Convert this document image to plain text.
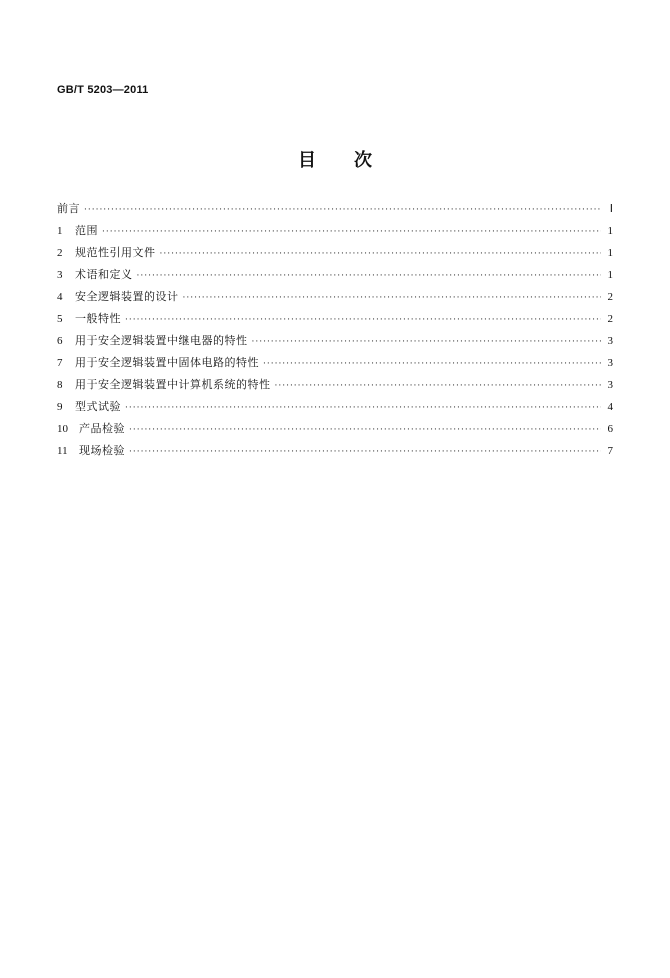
GB/T 5203—2011
目 次
前言 ·····	Ⅰ
1	范围 ·····	1
2	规范性引用文件 ·····	1
3	术语和定义 ·····	1
4	安全逻辑装置的设计 ·····	2
5	一般特性 ·····	2
6	用于安全逻辑装置中继电器的特性 ·····	3
7	用于安全逻辑装置中固体电路的特性 ·····	3
8	用于安全逻辑装置中计算机系统的特性 ·····	3
9	型式试验 ·····	4
10	产品检验 ·····	6
11	现场检验 ·····	7
